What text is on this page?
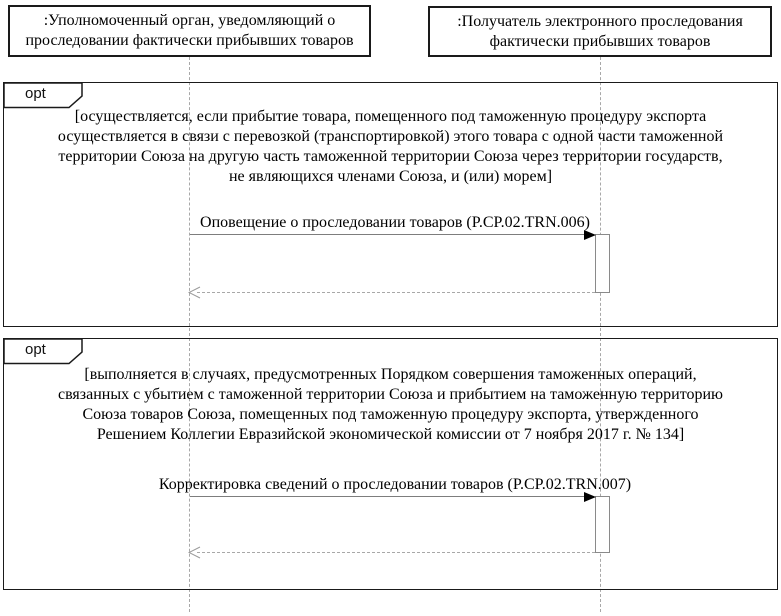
:Уполномоченный орган, уведомляющий о проследовании фактически прибывших товаров
:Получатель электронного проследования фактически прибывших товаров
opt
[осуществляется, если прибытие товара, помещенного под таможенную процедуру экспорта
осуществляется в связи с перевозкой (транспортировкой) этого товара с одной части таможенной
территории Союза на другую часть таможенной территории Союза через территории государств,
не являющихся членами Союза, и (или) морем]
Оповещение о проследовании товаров (P.CP.02.TRN.006)
opt
[выполняется в случаях, предусмотренных Порядком совершения таможенных операций,
связанных с убытием с таможенной территории Союза и прибытием на таможенную территорию
Союза товаров Союза, помещенных под таможенную процедуру экспорта, утвержденного
Решением Коллегии Евразийской экономической комиссии от 7 ноября 2017 г. № 134]
Корректировка сведений о проследовании товаров (P.CP.02.TRN.007)
